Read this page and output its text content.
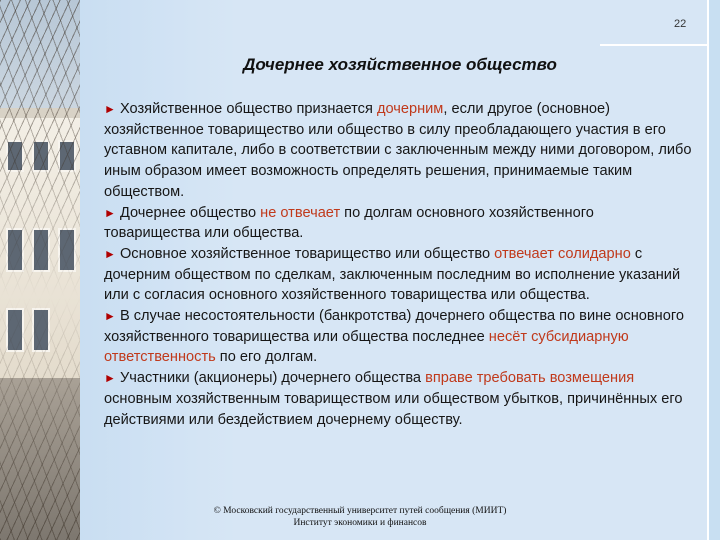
22
Дочернее хозяйственное общество

► Хозяйственное общество признается дочерним, если другое (основное) хозяйственное товарищество или общество в силу преобладающего участия в его уставном капитале, либо в соответствии с заключенным между ними договором, либо иным образом имеет возможность определять решения, принимаемые таким обществом.

► Дочернее общество не отвечает по долгам основного хозяйственного товарищества или общества.

► Основное хозяйственное товарищество или общество отвечает солидарно с дочерним обществом по сделкам, заключенным последним во исполнение указаний или с согласия основного хозяйственного товарищества или общества.

► В случае несостоятельности (банкротства) дочернего общества по вине основного хозяйственного товарищества или общества последнее несёт субсидиарную ответственность по его долгам.

► Участники (акционеры) дочернего общества вправе требовать возмещения основным хозяйственным товариществом или обществом убытков, причинённых его действиями или бездействием дочернему обществу.

© Московский государственный университет путей сообщения (МИИТ)
Институт экономики и финансов
